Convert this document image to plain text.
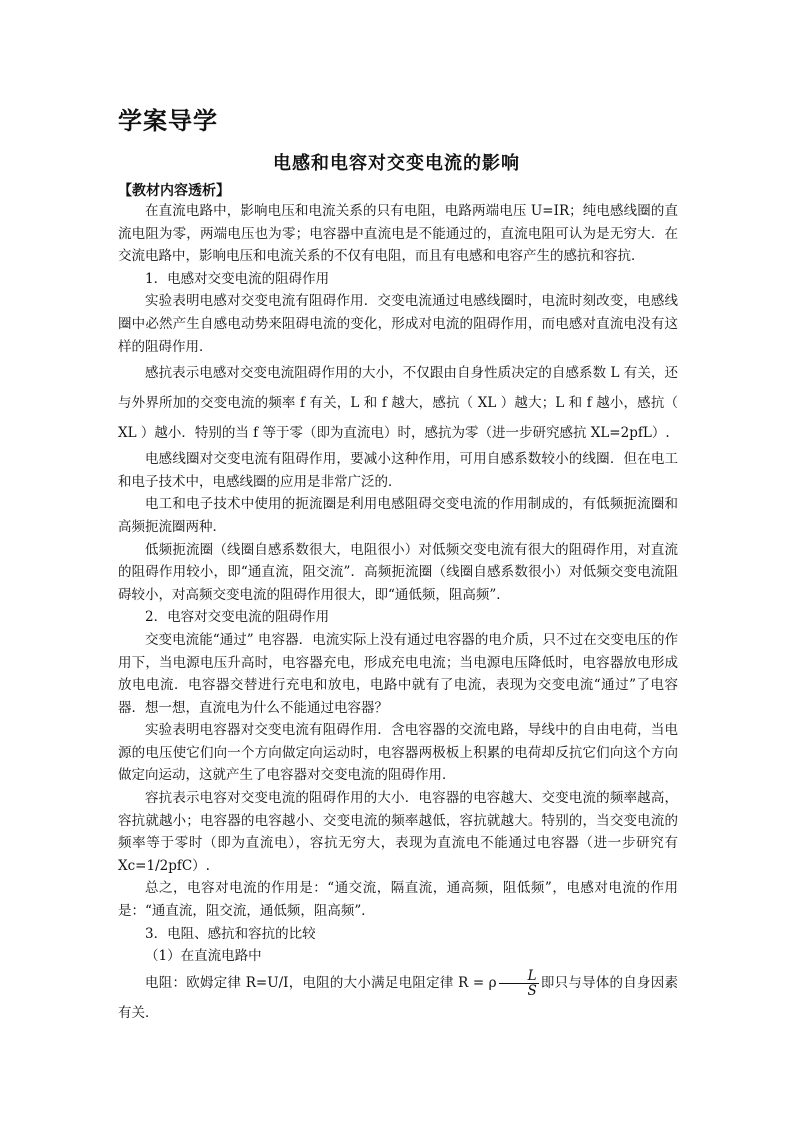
学案导学
电感和电容对交变电流的影响
【教材内容透析】

在直流电路中，影响电压和电流关系的只有电阻，电路两端电压 U=IR；纯电感线圈的直流电阻为零，两端电压也为零；电容器中直流电是不能通过的，直流电阻可认为是无穷大．在交流电路中，影响电压和电流关系的不仅有电阻，而且有电感和电容产生的感抗和容抗．

1．电感对交变电流的阻碍作用

实验表明电感对交变电流有阻碍作用．交变电流通过电感线圈时，电流时刻改变，电感线圈中必然产生自感电动势来阻碍电流的变化，形成对电流的阻碍作用，而电感对直流电没有这样的阻碍作用．

感抗表示电感对交变电流阻碍作用的大小，不仅跟由自身性质决定的自感系数 L 有关，还与外界所加的交变电流的频率 f 有关，L 和 f 越大，感抗（ XL ）越大；L 和 f 越小，感抗（ XL ）越小．特别的当 f 等于零（即为直流电）时，感抗为零（进一步研究感抗 XL=2pfL）.

电感线圈对交变电流有阻碍作用，要减小这种作用，可用自感系数较小的线圈．但在电工和电子技术中，电感线圈的应用是非常广泛的．

电工和电子技术中使用的扼流圈是利用电感阻碍交变电流的作用制成的，有低频扼流圈和高频扼流圈两种．

低频扼流圈（线圈自感系数很大，电阻很小）对低频交变电流有很大的阻碍作用，对直流的阻碍作用较小，即“通直流，阻交流”．高频扼流圈（线圈自感系数很小）对低频交变电流阻碍较小，对高频交变电流的阻碍作用很大，即“通低频，阻高频”．

2．电容对交变电流的阻碍作用

交变电流能“通过” 电容器．电流实际上没有通过电容器的电介质，只不过在交变电压的作用下，当电源电压升高时，电容器充电，形成充电电流；当电源电压降低时，电容器放电形成放电电流．电容器交替进行充电和放电，电路中就有了电流，表现为交变电流“通过”了电容器．想一想，直流电为什么不能通过电容器？

实验表明电容器对交变电流有阻碍作用．含电容器的交流电路，导线中的自由电荷，当电源的电压使它们向一个方向做定向运动时，电容器两极板上积累的电荷却反抗它们向这个方向做定向运动，这就产生了电容器对交变电流的阻碍作用．

容抗表示电容对交变电流的阻碍作用的大小．电容器的电容越大、交变电流的频率越高，容抗就越小；电容器的电容越小、交变电流的频率越低，容抗就越大。特别的，当交变电流的频率等于零时（即为直流电），容抗无穷大，表现为直流电不能通过电容器（进一步研究有 Xc=1/2pfC）.

总之，电容对电流的作用是：“通交流，隔直流，通高频，阻低频”，电感对电流的作用是：“通直流，阻交流，通低频，阻高频”．

3．电阻、感抗和容抗的比较

（1）在直流电路中

电阻：欧姆定律 R=U/I，电阻的大小满足电阻定律 R = ρ $\frac{L}{S}$ 即只与导体的自身因素有关．
